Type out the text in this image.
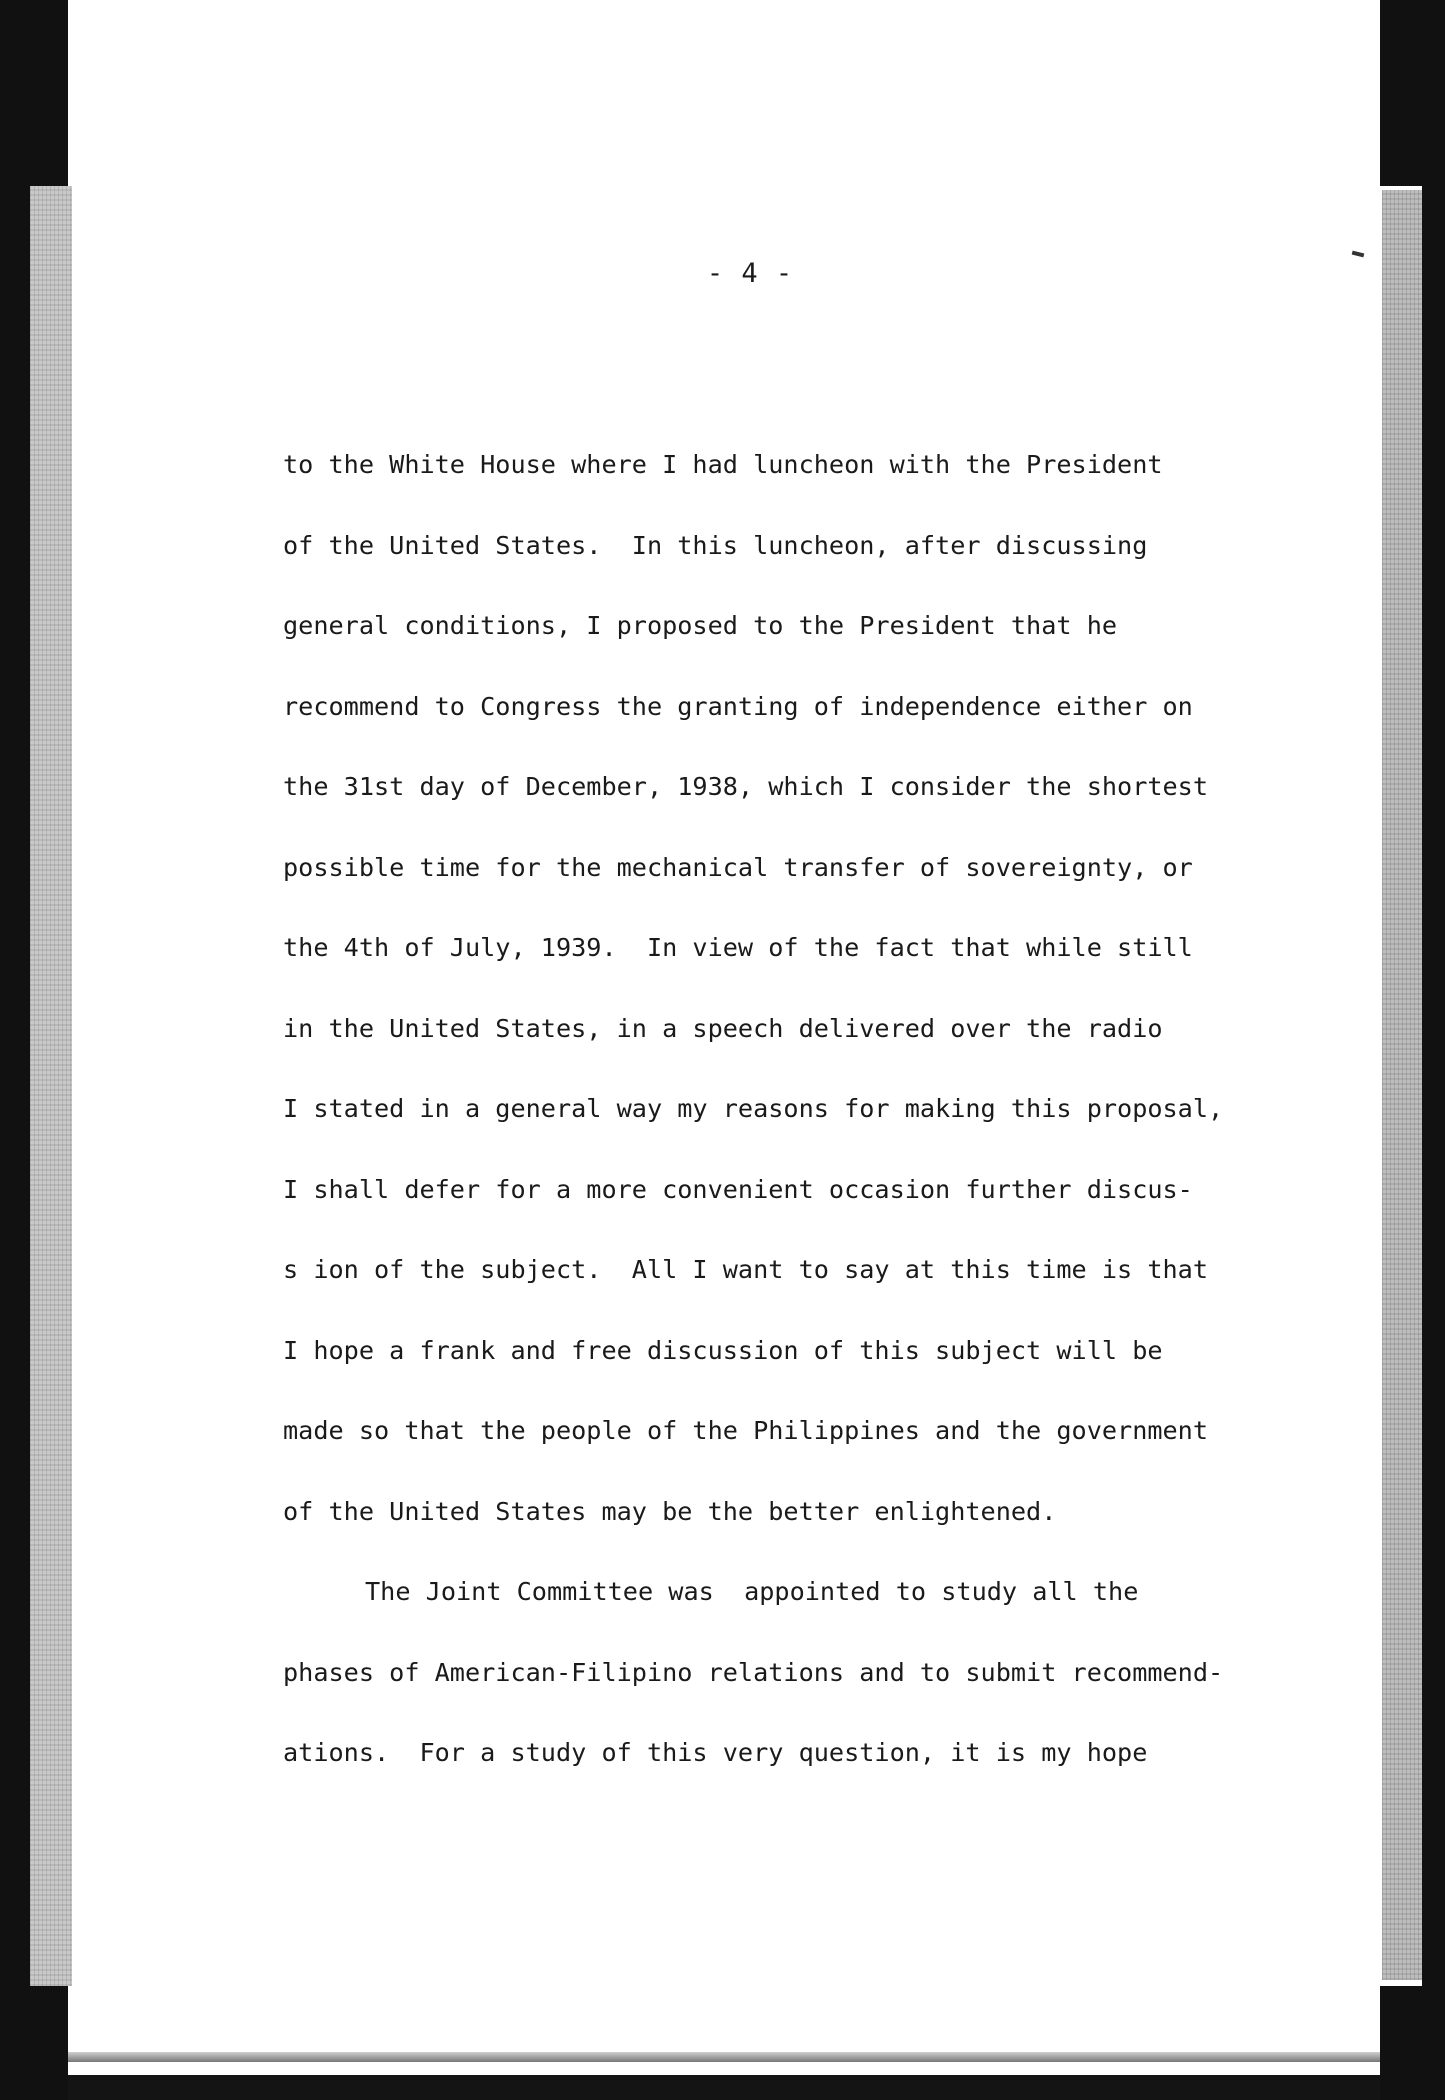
- 4 -
to the White House where I had luncheon with the President
of the United States.  In this luncheon, after discussing
general conditions, I proposed to the President that he
recommend to Congress the granting of independence either on
the 31st day of December, 1938, which I consider the shortest
possible time for the mechanical transfer of sovereignty, or
the 4th of July, 1939.  In view of the fact that while still
in the United States, in a speech delivered over the radio
I stated in a general way my reasons for making this proposal,
I shall defer for a more convenient occasion further discus-
s ion of the subject.  All I want to say at this time is that
I hope a frank and free discussion of this subject will be
made so that the people of the Philippines and the government
of the United States may be the better enlightened.
The Joint Committee was  appointed to study all the
phases of American-Filipino relations and to submit recommend-
ations.  For a study of this very question, it is my hope
